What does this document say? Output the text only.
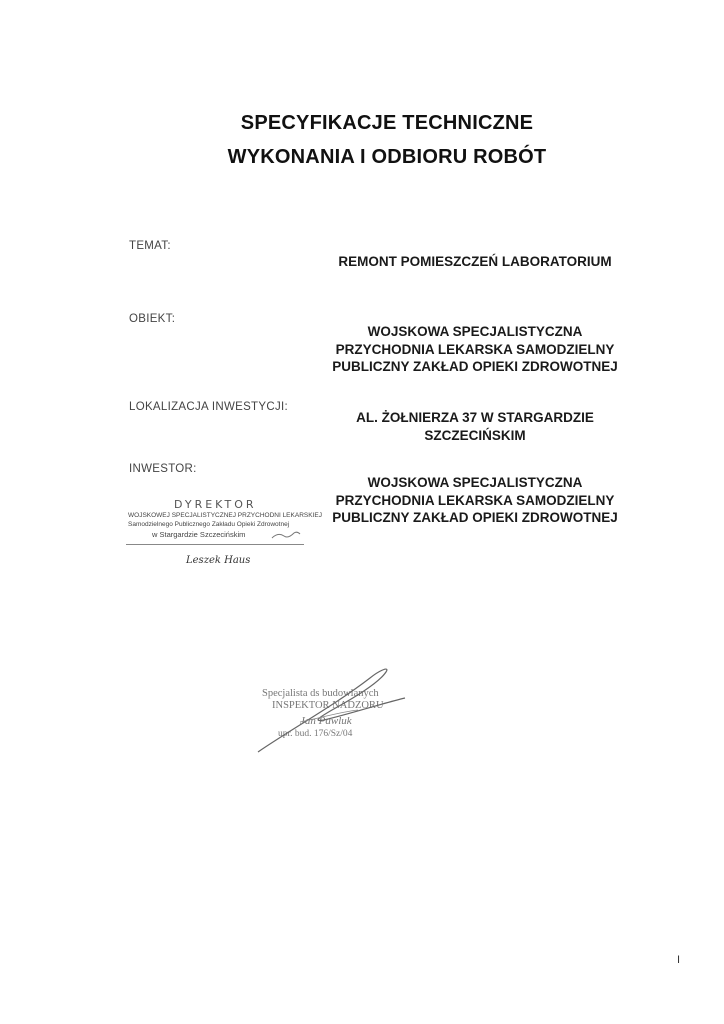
SPECYFIKACJE TECHNICZNE
WYKONANIA I ODBIORU ROBÓT
TEMAT:
REMONT POMIESZCZEŃ LABORATORIUM
OBIEKT:
WOJSKOWA SPECJALISTYCZNA
PRZYCHODNIA LEKARSKA SAMODZIELNY
PUBLICZNY ZAKŁAD OPIEKI ZDROWOTNEJ
LOKALIZACJA INWESTYCJI:
AL. ŻOŁNIERZA 37 W STARGARDZIE
SZCZECIŃSKIM
INWESTOR:
WOJSKOWA SPECJALISTYCZNA
PRZYCHODNIA LEKARSKA SAMODZIELNY
PUBLICZNY ZAKŁAD OPIEKI ZDROWOTNEJ
DYREKTOR
WOJSKOWEJ SPECJALISTYCZNEJ PRZYCHODNI LEKARSKIEJ
Samodzielnego Publicznego Zakładu Opieki Zdrowotnej
w Stargardzie Szczecińskim
Leszek Haus
Specjalista ds budowlanych
INSPEKTOR NADZORU
Jan Pawluk
upr. bud. 176/Sz/04
I
